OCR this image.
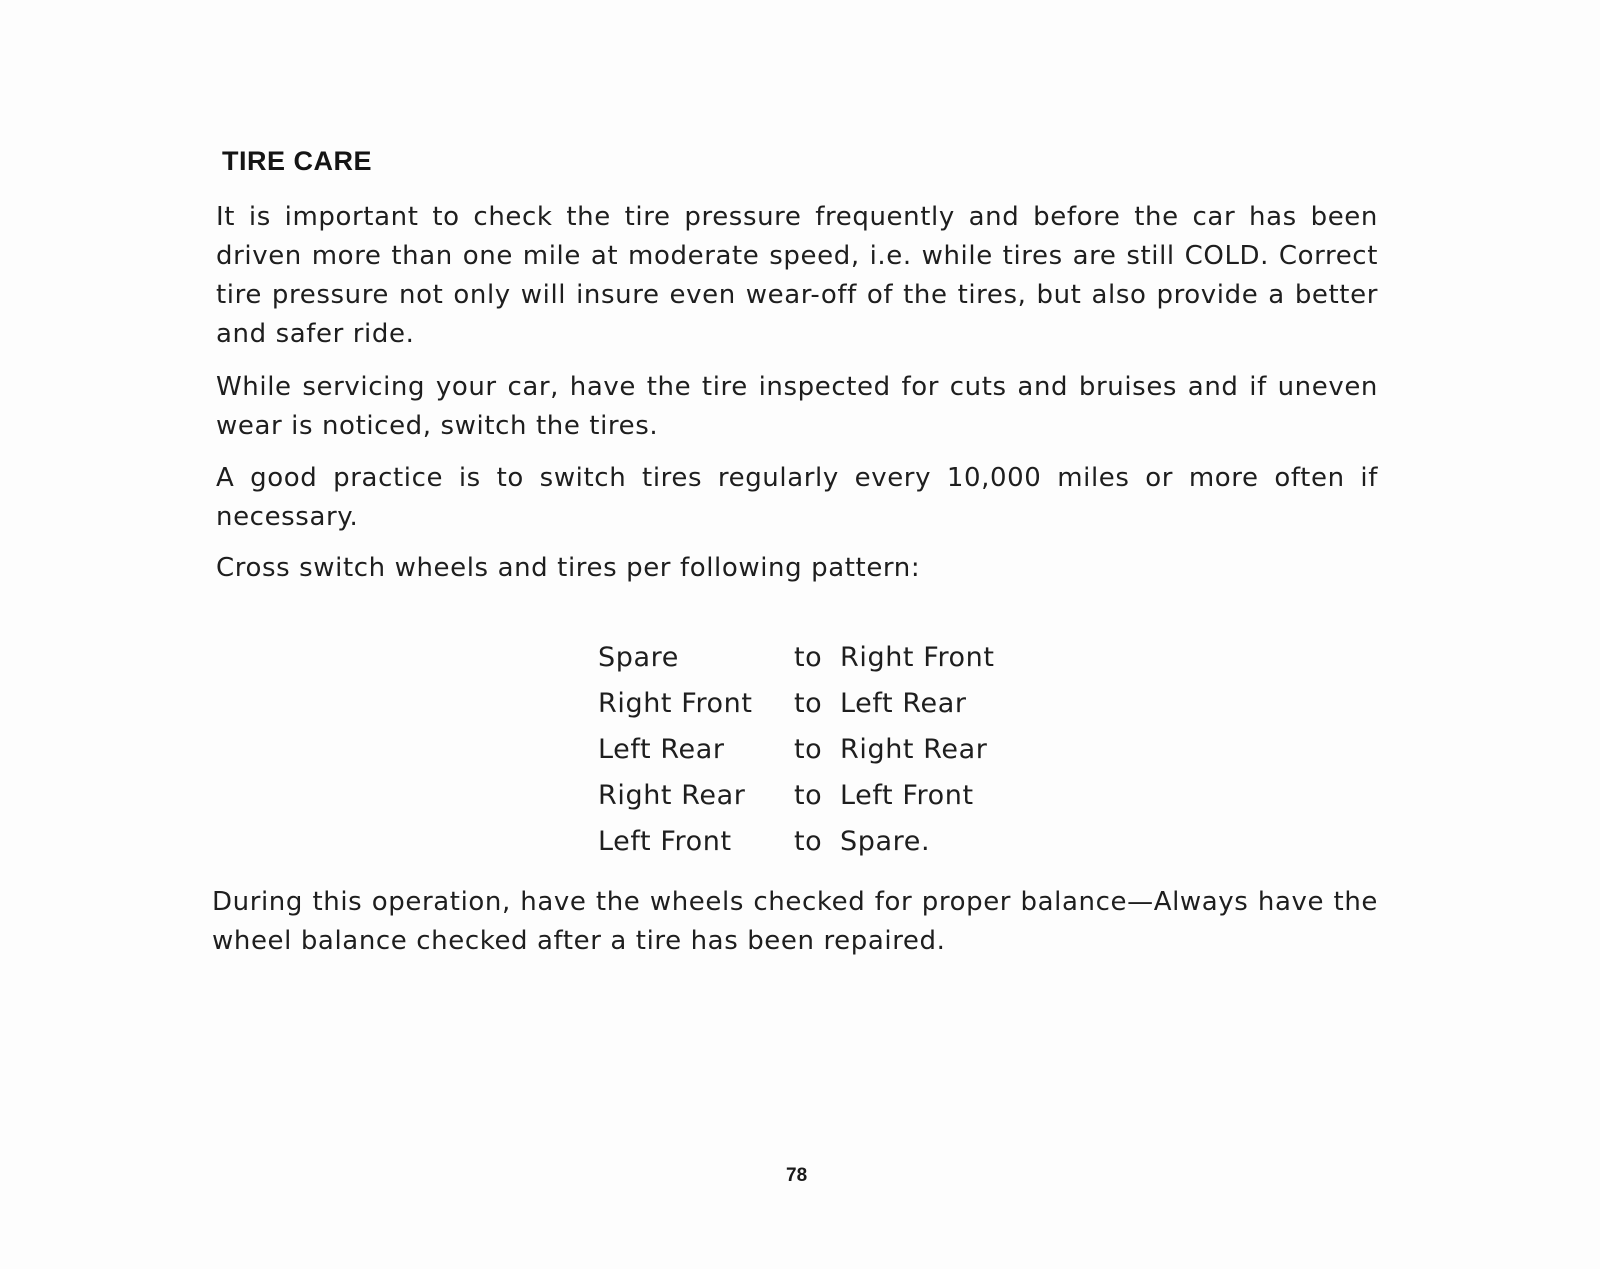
TIRE CARE

It is important to check the tire pressure frequently and before the car has been driven more than one mile at moderate speed, i.e. while tires are still COLD. Correct tire pressure not only will insure even wear-off of the tires, but also provide a better and safer ride.

While servicing your car, have the tire inspected for cuts and bruises and if uneven wear is noticed, switch the tires.

A good practice is to switch tires regularly every 10,000 miles or more often if necessary.

Cross switch wheels and tires per following pattern:

Spare	to	Right Front
Right Front	to	Left Rear
Left Rear	to	Right Rear
Right Rear	to	Left Front
Left Front	to	Spare.

During this operation, have the wheels checked for proper balance—Always have the wheel balance checked after a tire has been repaired.

78
